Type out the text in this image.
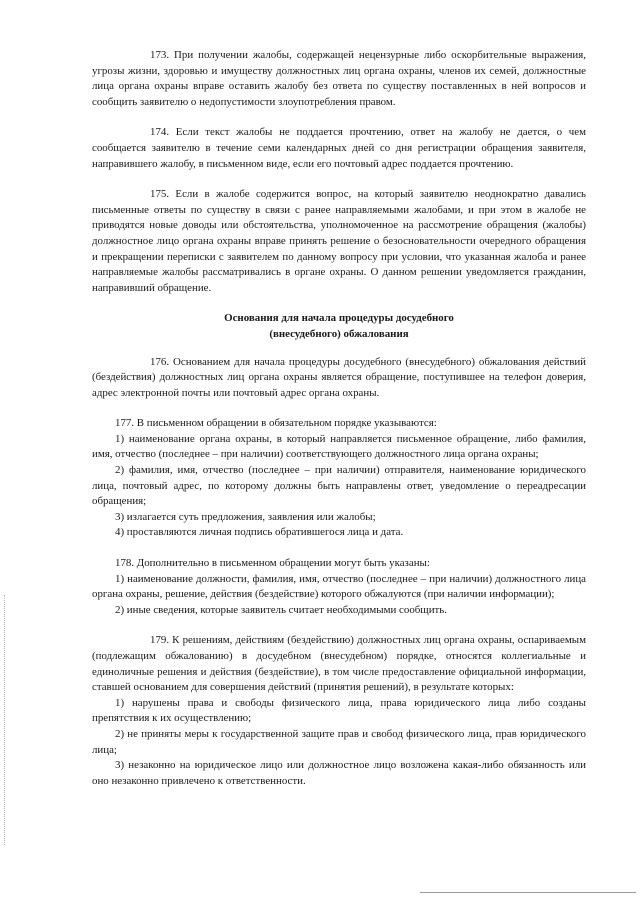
173. При получении жалобы, содержащей нецензурные либо оскорбительные выражения, угрозы жизни, здоровью и имуществу должностных лиц органа охраны, членов их семей, должностные лица органа охраны вправе оставить жалобу без ответа по существу поставленных в ней вопросов и сообщить заявителю о недопустимости злоупотребления правом.

174. Если текст жалобы не поддается прочтению, ответ на жалобу не дается, о чем сообщается заявителю в течение семи календарных дней со дня регистрации обращения заявителя, направившего жалобу, в письменном виде, если его почтовый адрес поддается прочтению.

175. Если в жалобе содержится вопрос, на который заявителю неоднократно давались письменные ответы по существу в связи с ранее направляемыми жалобами, и при этом в жалобе не приводятся новые доводы или обстоятельства, уполномоченное на рассмотрение обращения (жалобы) должностное лицо органа охраны вправе принять решение о безосновательности очередного обращения и прекращении переписки с заявителем по данному вопросу при условии, что указанная жалоба и ранее направляемые жалобы рассматривались в органе охраны. О данном решении уведомляется гражданин, направивший обращение.

Основания для начала процедуры досудебного
(внесудебного) обжалования

176. Основанием для начала процедуры досудебного (внесудебного) обжалования действий (бездействия) должностных лиц органа охраны является обращение, поступившее на телефон доверия, адрес электронной почты или почтовый адрес органа охраны.

177. В письменном обращении в обязательном порядке указываются:

1) наименование органа охраны, в который направляется письменное обращение, либо фамилия, имя, отчество (последнее – при наличии) соответствующего должностного лица органа охраны;

2) фамилия, имя, отчество (последнее – при наличии) отправителя, наименование юридического лица, почтовый адрес, по которому должны быть направлены ответ, уведомление о переадресации обращения;

3) излагается суть предложения, заявления или жалобы;

4) проставляются личная подпись обратившегося лица и дата.

178. Дополнительно в письменном обращении могут быть указаны:

1) наименование должности, фамилия, имя, отчество (последнее – при наличии) должностного лица органа охраны, решение, действия (бездействие) которого обжалуются (при наличии информации);

2) иные сведения, которые заявитель считает необходимыми сообщить.

179. К решениям, действиям (бездействию) должностных лиц органа охраны, оспариваемым (подлежащим обжалованию) в досудебном (внесудебном) порядке, относятся коллегиальные и единоличные решения и действия (бездействие), в том числе предоставление официальной информации, ставшей основанием для совершения действий (принятия решений), в результате которых:

1) нарушены права и свободы физического лица, права юридического лица либо созданы препятствия к их осуществлению;

2) не приняты меры к государственной защите прав и свобод физического лица, прав юридического лица;

3) незаконно на юридическое лицо или должностное лицо возложена какая-либо обязанность или оно незаконно привлечено к ответственности.
